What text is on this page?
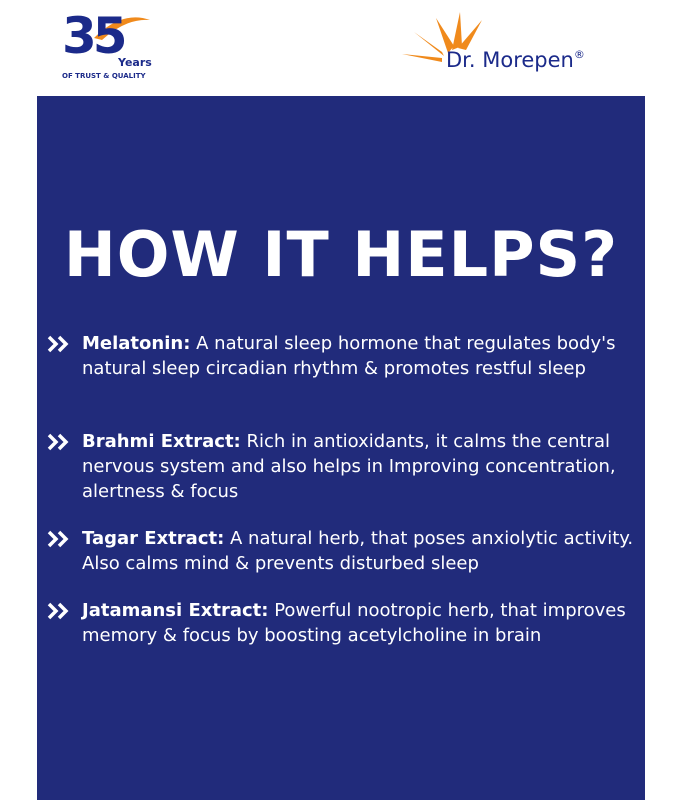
35
Years
OF TRUST & QUALITY
Dr. Morepen®
HOW IT HELPS?
Melatonin: A natural sleep hormone that regulates body's natural sleep circadian rhythm & promotes restful sleep
Brahmi Extract: Rich in antioxidants, it calms the central nervous system and also helps in Improving concentration, alertness & focus
Tagar Extract: A natural herb, that poses anxiolytic activity. Also calms mind & prevents disturbed sleep
Jatamansi Extract: Powerful nootropic herb, that improves memory & focus by boosting acetylcholine in brain
